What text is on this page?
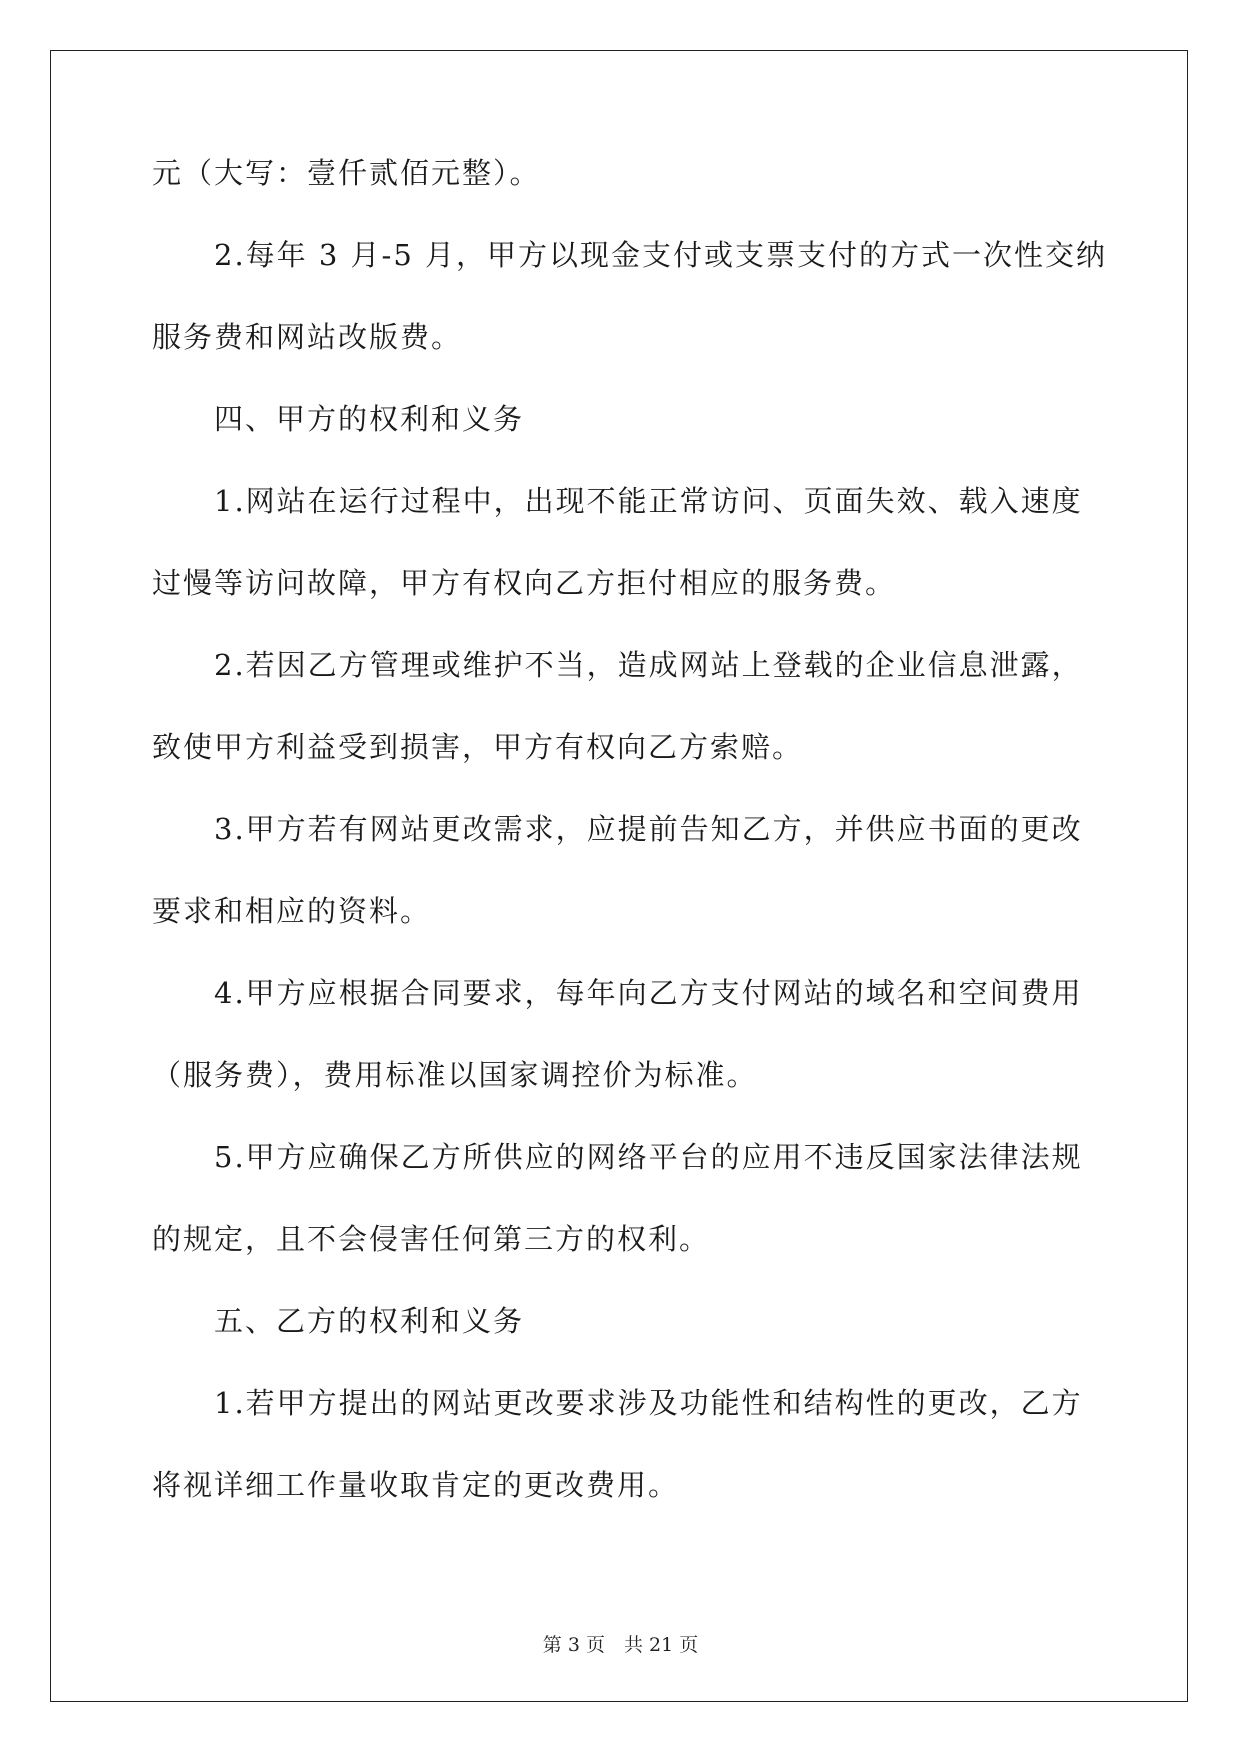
元（大写：壹仟贰佰元整）。
2.每年 3 月-5 月，甲方以现金支付或支票支付的方式一次性交纳
服务费和网站改版费。
四、甲方的权利和义务
1.网站在运行过程中，出现不能正常访问、页面失效、载入速度
过慢等访问故障，甲方有权向乙方拒付相应的服务费。
2.若因乙方管理或维护不当，造成网站上登载的企业信息泄露，
致使甲方利益受到损害，甲方有权向乙方索赔。
3.甲方若有网站更改需求，应提前告知乙方，并供应书面的更改
要求和相应的资料。
4.甲方应根据合同要求，每年向乙方支付网站的域名和空间费用
（服务费），费用标准以国家调控价为标准。
5.甲方应确保乙方所供应的网络平台的应用不违反国家法律法规
的规定，且不会侵害任何第三方的权利。
五、乙方的权利和义务
1.若甲方提出的网站更改要求涉及功能性和结构性的更改，乙方
将视详细工作量收取肯定的更改费用。
第 3 页　共 21 页
